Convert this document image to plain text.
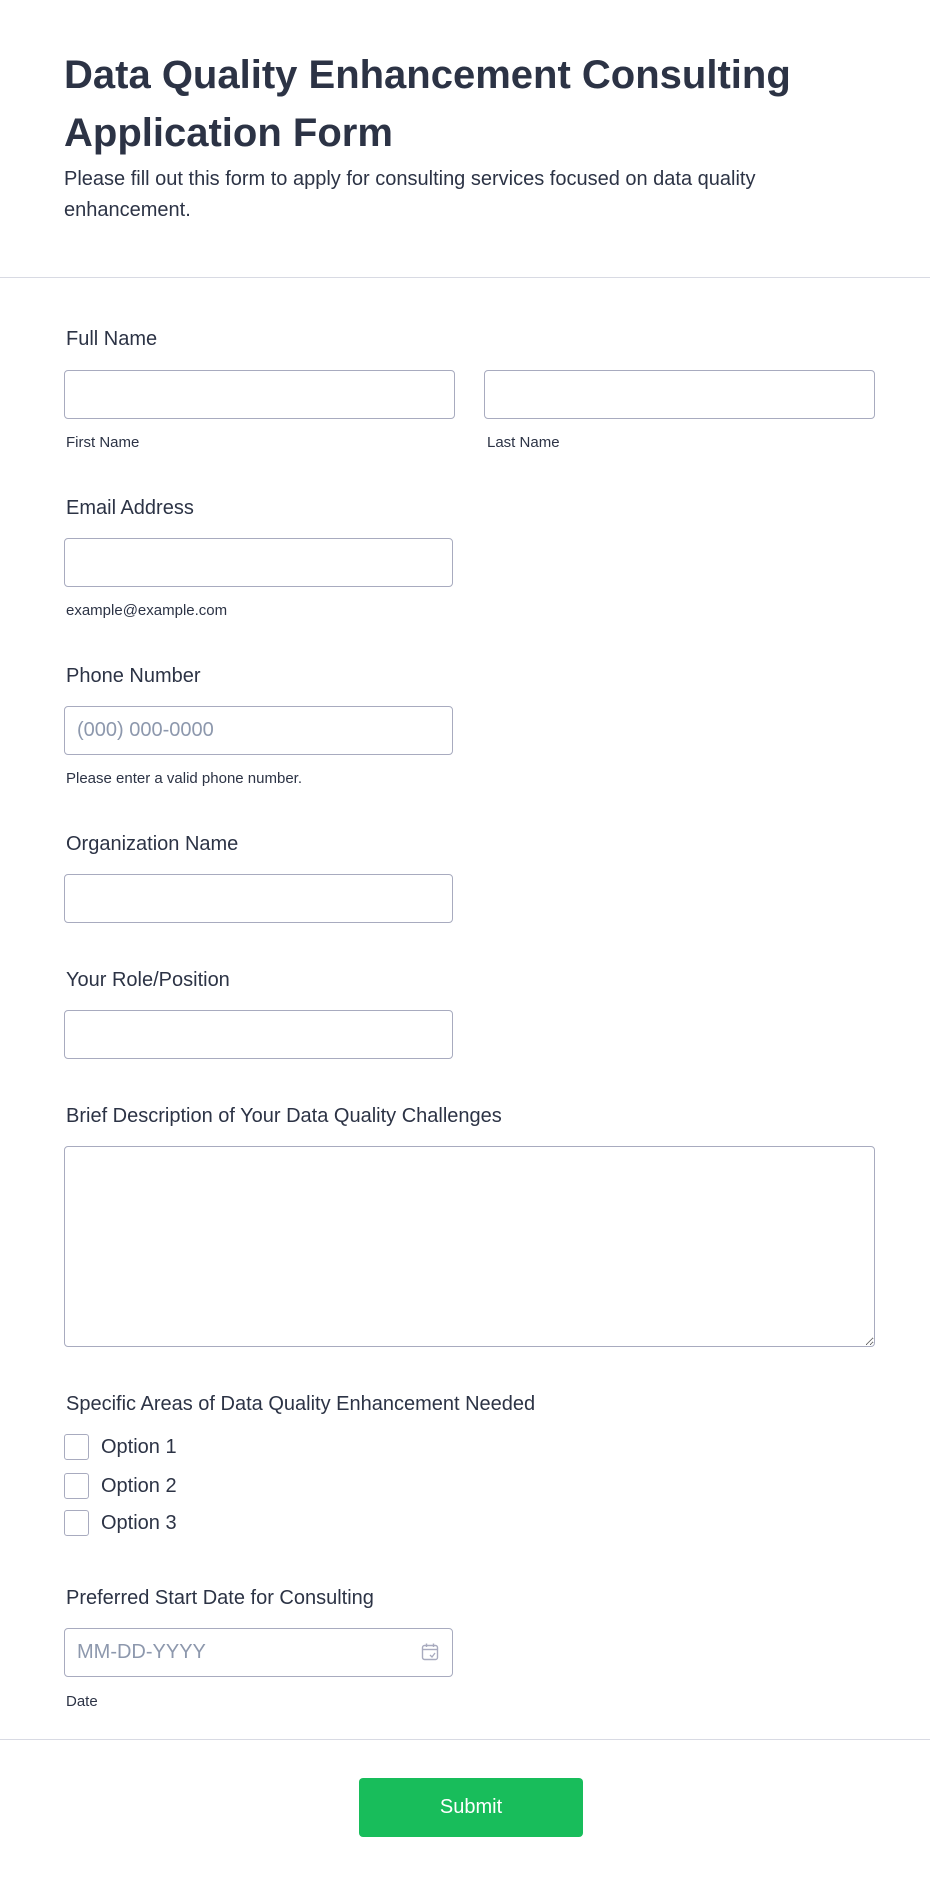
Data Quality Enhancement Consulting Application Form

Please fill out this form to apply for consulting services focused on data quality enhancement.

Full Name
First Name	Last Name
Email Address
example@example.com
Phone Number
(000) 000-0000
Please enter a valid phone number.
Organization Name
Your Role/Position
Brief Description of Your Data Quality Challenges
Specific Areas of Data Quality Enhancement Needed
Option 1
Option 2
Option 3
Preferred Start Date for Consulting
MM-DD-YYYY
Date
Submit
